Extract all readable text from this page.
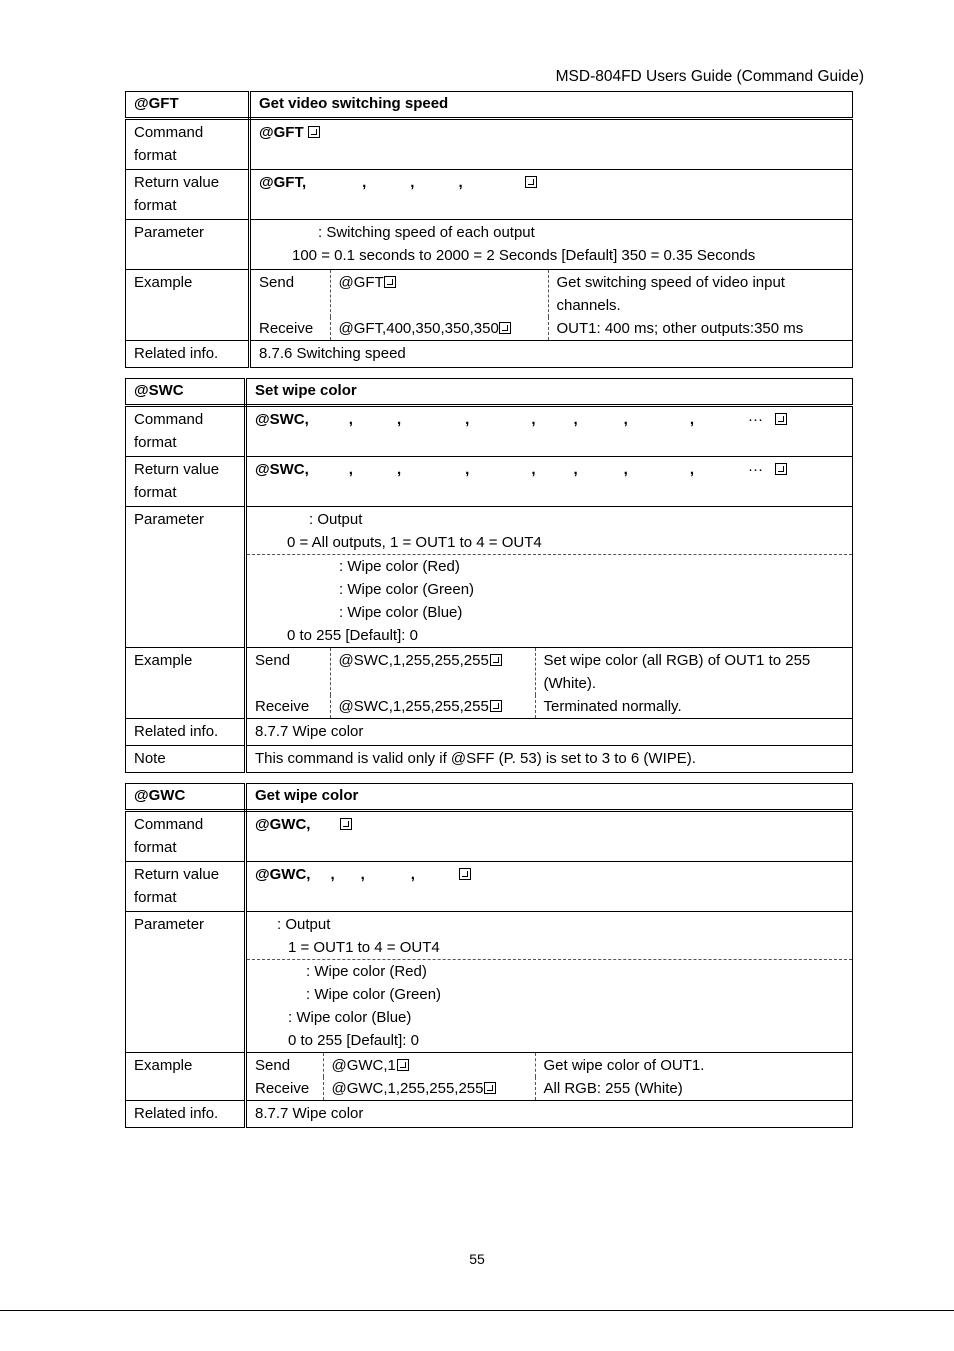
MSD-804FD Users Guide (Command Guide)
@GFT	Get video switching speed
Command format	@GFT
Return value format	@GFT,	,	,	,
Parameter	: Switching speed of each output
100 = 0.1 seconds to 2000 = 2 Seconds [Default] 350 = 0.35 Seconds

Example		Send	@GFT	Get switching speed of video input channels.
Receive	@GFT,400,350,350,350	OUT1: 400 ms; other outputs:350 ms

Related info.	8.7.6 Switching speed
@SWC	Set wipe color
Command format	@SWC,	,	,	,	,	,	,	,	···
Return value format	@SWC,	,	,	,	,	,	,	,	···
Parameter	: Output
0 = All outputs, 1 = OUT1 to 4 = OUT4
: Wipe color (Red)
: Wipe color (Green)
: Wipe color (Blue)
0 to 255 [Default]: 0

Example		Send	@SWC,1,255,255,255	Set wipe color (all RGB) of OUT1 to 255 (White).
Receive	@SWC,1,255,255,255	Terminated normally.

Related info.	8.7.7 Wipe color
Note	This command is valid only if @SFF (P. 53) is set to 3 to 6 (WIPE).
@GWC	Get wipe color
Command format	@GWC,
Return value format	@GWC, , ,	,
Parameter	: Output
1 = OUT1 to 4 = OUT4
: Wipe color (Red)
: Wipe color (Green)
: Wipe color (Blue)
0 to 255 [Default]: 0

Example		Send	@GWC,1	Get wipe color of OUT1.
Receive	@GWC,1,255,255,255	All RGB: 255 (White)

Related info.	8.7.7 Wipe color
55
